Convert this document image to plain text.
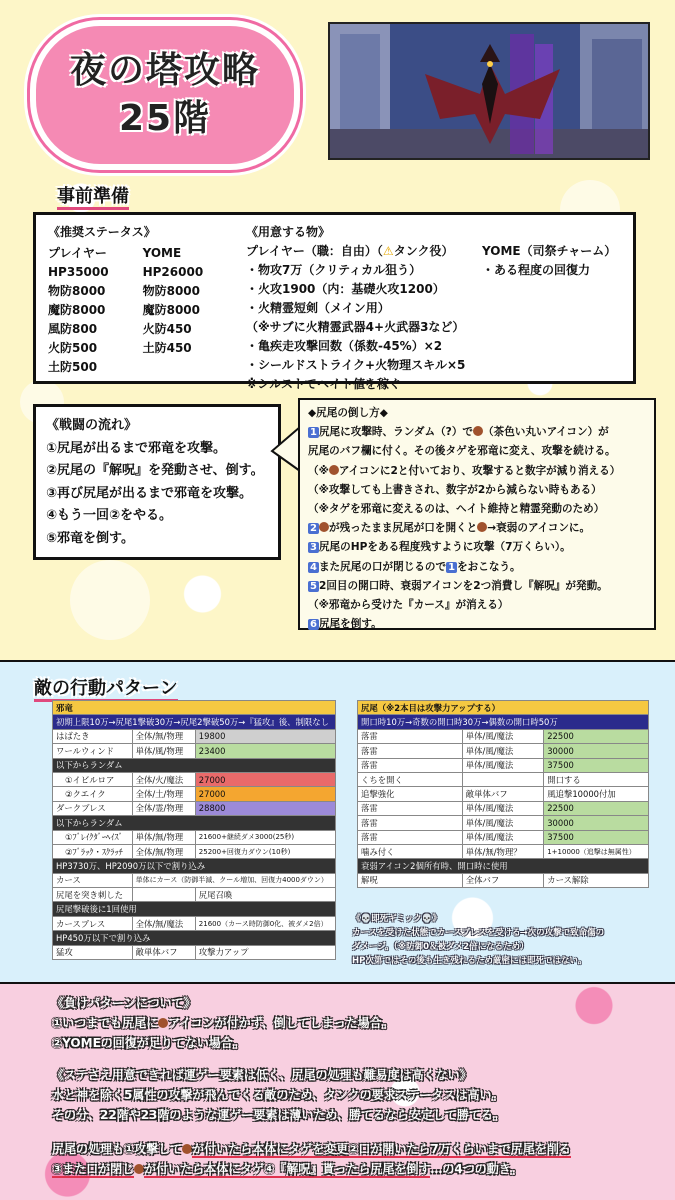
夜の塔攻略
25階
事前準備
《推奨ステータス》
プレイヤー
HP35000
物防8000
魔防8000
風防800
火防500
土防500
YOME
HP26000
物防8000
魔防8000
火防450
土防450
《用意する物》
プレイヤー（職：自由）（⚠タンク役）
・物攻7万（クリティカル狙う）
・火攻1900（内：基礎火攻1200）
・火精霊短剣（メイン用）
（※サブに火精霊武器4+火武器3など）
・亀疾走攻撃回数（係数-45%）×2
・シールドストライク+火物理スキル×5
※シルストでヘイト値を稼ぐ
YOME（司祭チャーム）
・ある程度の回復力
《戦闘の流れ》
①尻尾が出るまで邪竜を攻撃。
②尻尾の『解呪』を発動させ、倒す。
③再び尻尾が出るまで邪竜を攻撃。
④もう一回②をやる。
⑤邪竜を倒す。
◆尻尾の倒し方◆
1 尻尾に攻撃時、ランダム（?）で （茶色い丸いアイコン）が
尻尾のバフ欄に付く。その後タゲを邪竜に変え、攻撃を続ける。
（※ アイコンに2と付いており、攻撃すると数字が減り消える）
（※攻撃しても上書きされ、数字が2から減らない時もある）
（※タゲを邪竜に変えるのは、ヘイト維持と精霊発動のため）
2 が残ったまま尻尾が口を開くと →衰弱のアイコンに。
3 尻尾のHPをある程度残すように攻撃（7万くらい）。
4 また尻尾の口が閉じるので 1 をおこなう。
5 2回目の開口時、衰弱アイコンを2つ消費し『解呪』が発動。
（※邪竜から受けた『カース』が消える）
6 尻尾を倒す。
敵の行動パターン
邪竜		
初期上限10万→尻尾1撃破30万→尻尾2撃破50万→『猛攻』後、制限なし		
はばたき	全体/無/物理	19800
ワールウィンド	単体/風/物理	23400
以下からランダム		
①イビルロア	全体/火/魔法	27000
②クエイク	全体/土/物理	27000
ダークブレス	全体/霊/物理	28800
以下からランダム		
①ﾌﾞﾚｲｸﾀﾞｰﾍｲｽﾞ	単体/無/物理	21600+継続ダメ3000(25秒)
②ﾌﾞﾗｯｸ・ｽｸﾗｯﾁ	全体/無/物理	25200+回復力ダウン(10秒)
HP3730万、HP2090万以下で割り込み		
カース	単体にカース（防御半減、クール増加、回復力4000ダウン）	
尻尾を突き刺した		尻尾召喚
尻尾撃破後に1回使用		
カースブレス	全体/無/魔法	21600（カース時防御0化、被ダメ2倍）
HP450万以下で割り込み		
猛攻	敵単体バフ	攻撃力アップ
尻尾（※2本目は攻撃力アップする）		
開口時10万→奇数の開口時30万→偶数の開口時50万		
落雷	単体/風/魔法	22500
落雷	単体/風/魔法	30000
落雷	単体/風/魔法	37500
くちを開く		開口する
追撃強化	敵単体バフ	風追撃10000付加
落雷	単体/風/魔法	22500
落雷	単体/風/魔法	30000
落雷	単体/風/魔法	37500
噛み付く	単体/無/物理？	1+10000（追撃は無属性）
衰弱アイコン2個所有時、開口時に使用		
解呪	全体バフ	カース解除
《💀即死ギミック💀》
カースを受けた状態でカースブレスを受ける→次の攻撃で致命傷の
ダメージ。（※防御0＆被ダメ2倍になるため）
HP次第ではその後も生き残れるため厳密には即死ではない。
《負けパターンについて》
①いつまでも尻尾に アイコンが付かず、倒してしまった場合。
②YOMEの回復が足りてない場合。
《ステさえ用意できれば運ゲー要素は低く、尻尾の処理も難易度は高くない》
水と神を除く5属性の攻撃が飛んでくる敵のため、タンクの要求ステータスは高い。
その分、22階や23階のような運ゲー要素は薄いため、勝てるなら安定して勝てる。
尻尾の処理も①攻撃して が付いたら本体にタゲを変更②口が開いたら7万くらいまで尻尾を削る
③また口が閉じ が付いたら本体にタゲ④『解呪』貰ったら尻尾を倒す…の4つの動き。
